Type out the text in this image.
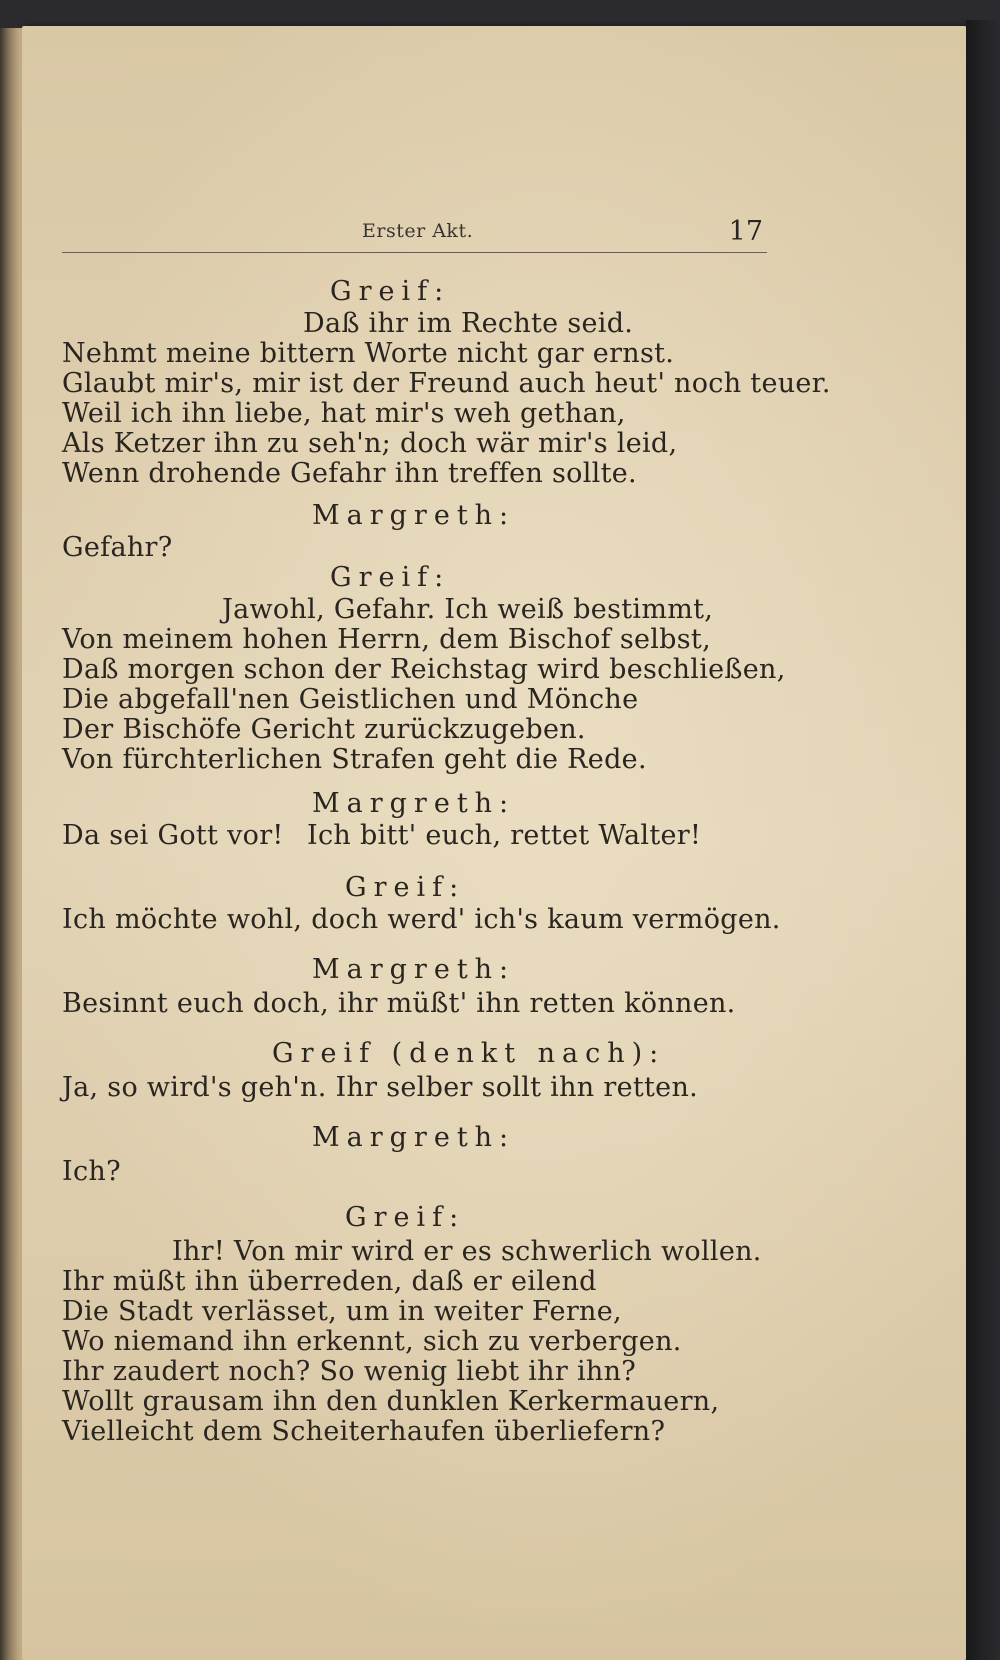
Erster Akt.	17
Greif:
Daß ihr im Rechte seid.
Nehmt meine bittern Worte nicht gar ernst.
Glaubt mir's, mir ist der Freund auch heut' noch teuer.
Weil ich ihn liebe, hat mir's weh gethan,
Als Ketzer ihn zu seh'n; doch wär mir's leid,
Wenn drohende Gefahr ihn treffen sollte.
Margreth:
Gefahr?
Greif:
Jawohl, Gefahr. Ich weiß bestimmt,
Von meinem hohen Herrn, dem Bischof selbst,
Daß morgen schon der Reichstag wird beschließen,
Die abgefall'nen Geistlichen und Mönche
Der Bischöfe Gericht zurückzugeben.
Von fürchterlichen Strafen geht die Rede.
Margreth:
Da sei Gott vor! Ich bitt' euch, rettet Walter!
Greif:
Ich möchte wohl, doch werd' ich's kaum vermögen.
Margreth:
Besinnt euch doch, ihr müßt' ihn retten können.
Greif (denkt nach):
Ja, so wird's geh'n. Ihr selber sollt ihn retten.
Margreth:
Ich?
Greif:
Ihr! Von mir wird er es schwerlich wollen.
Ihr müßt ihn überreden, daß er eilend
Die Stadt verlässet, um in weiter Ferne,
Wo niemand ihn erkennt, sich zu verbergen.
Ihr zaudert noch? So wenig liebt ihr ihn?
Wollt grausam ihn den dunklen Kerkermauern,
Vielleicht dem Scheiterhaufen überliefern?
